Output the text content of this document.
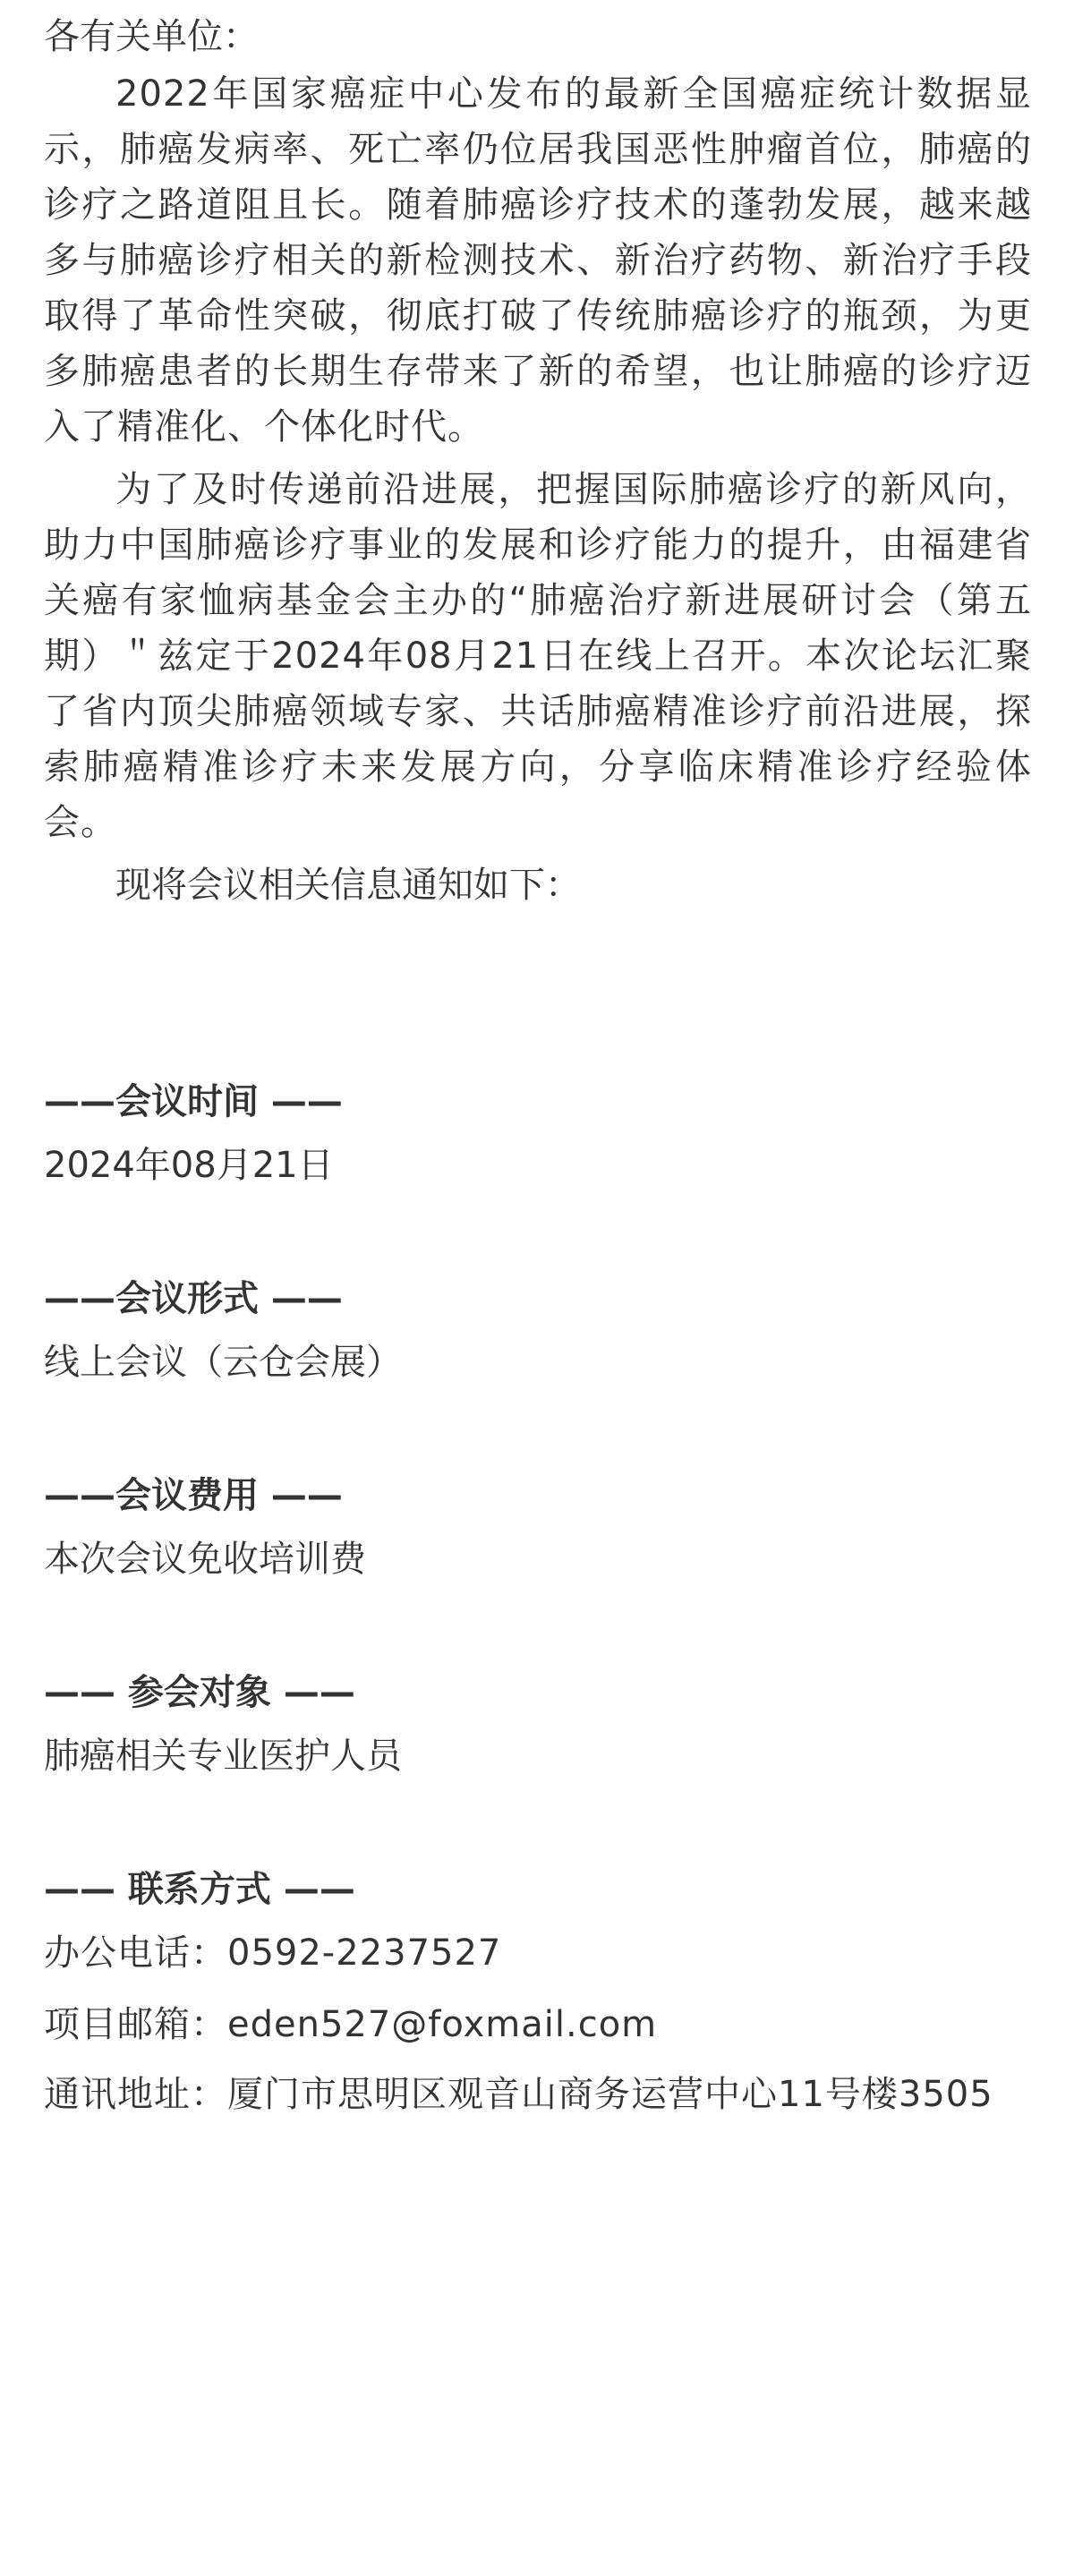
各有关单位：

2022年国家癌症中心发布的最新全国癌症统计数据显示，肺癌发病率、死亡率仍位居我国恶性肿瘤首位，肺癌的诊疗之路道阻且长。随着肺癌诊疗技术的蓬勃发展，越来越多与肺癌诊疗相关的新检测技术、新治疗药物、新治疗手段取得了革命性突破，彻底打破了传统肺癌诊疗的瓶颈，为更多肺癌患者的长期生存带来了新的希望，也让肺癌的诊疗迈入了精准化、个体化时代。

为了及时传递前沿进展，把握国际肺癌诊疗的新风向，助力中国肺癌诊疗事业的发展和诊疗能力的提升，由福建省关癌有家恤病基金会主办的“肺癌治疗新进展研讨会（第五期）＂兹定于2024年08月21日在线上召开。本次论坛汇聚了省内顶尖肺癌领域专家、共话肺癌精准诊疗前沿进展，探索肺癌精准诊疗未来发展方向，分享临床精准诊疗经验体会。

现将会议相关信息通知如下：

——会议时间 ——

2024年08月21日

——会议形式 ——

线上会议（云仓会展）

——会议费用 ——

本次会议免收培训费

—— 参会对象 ——

肺癌相关专业医护人员

—— 联系方式 ——

办公电话：0592-2237527

项目邮箱：eden527@foxmail.com

通讯地址：厦门市思明区观音山商务运营中心11号楼3505
